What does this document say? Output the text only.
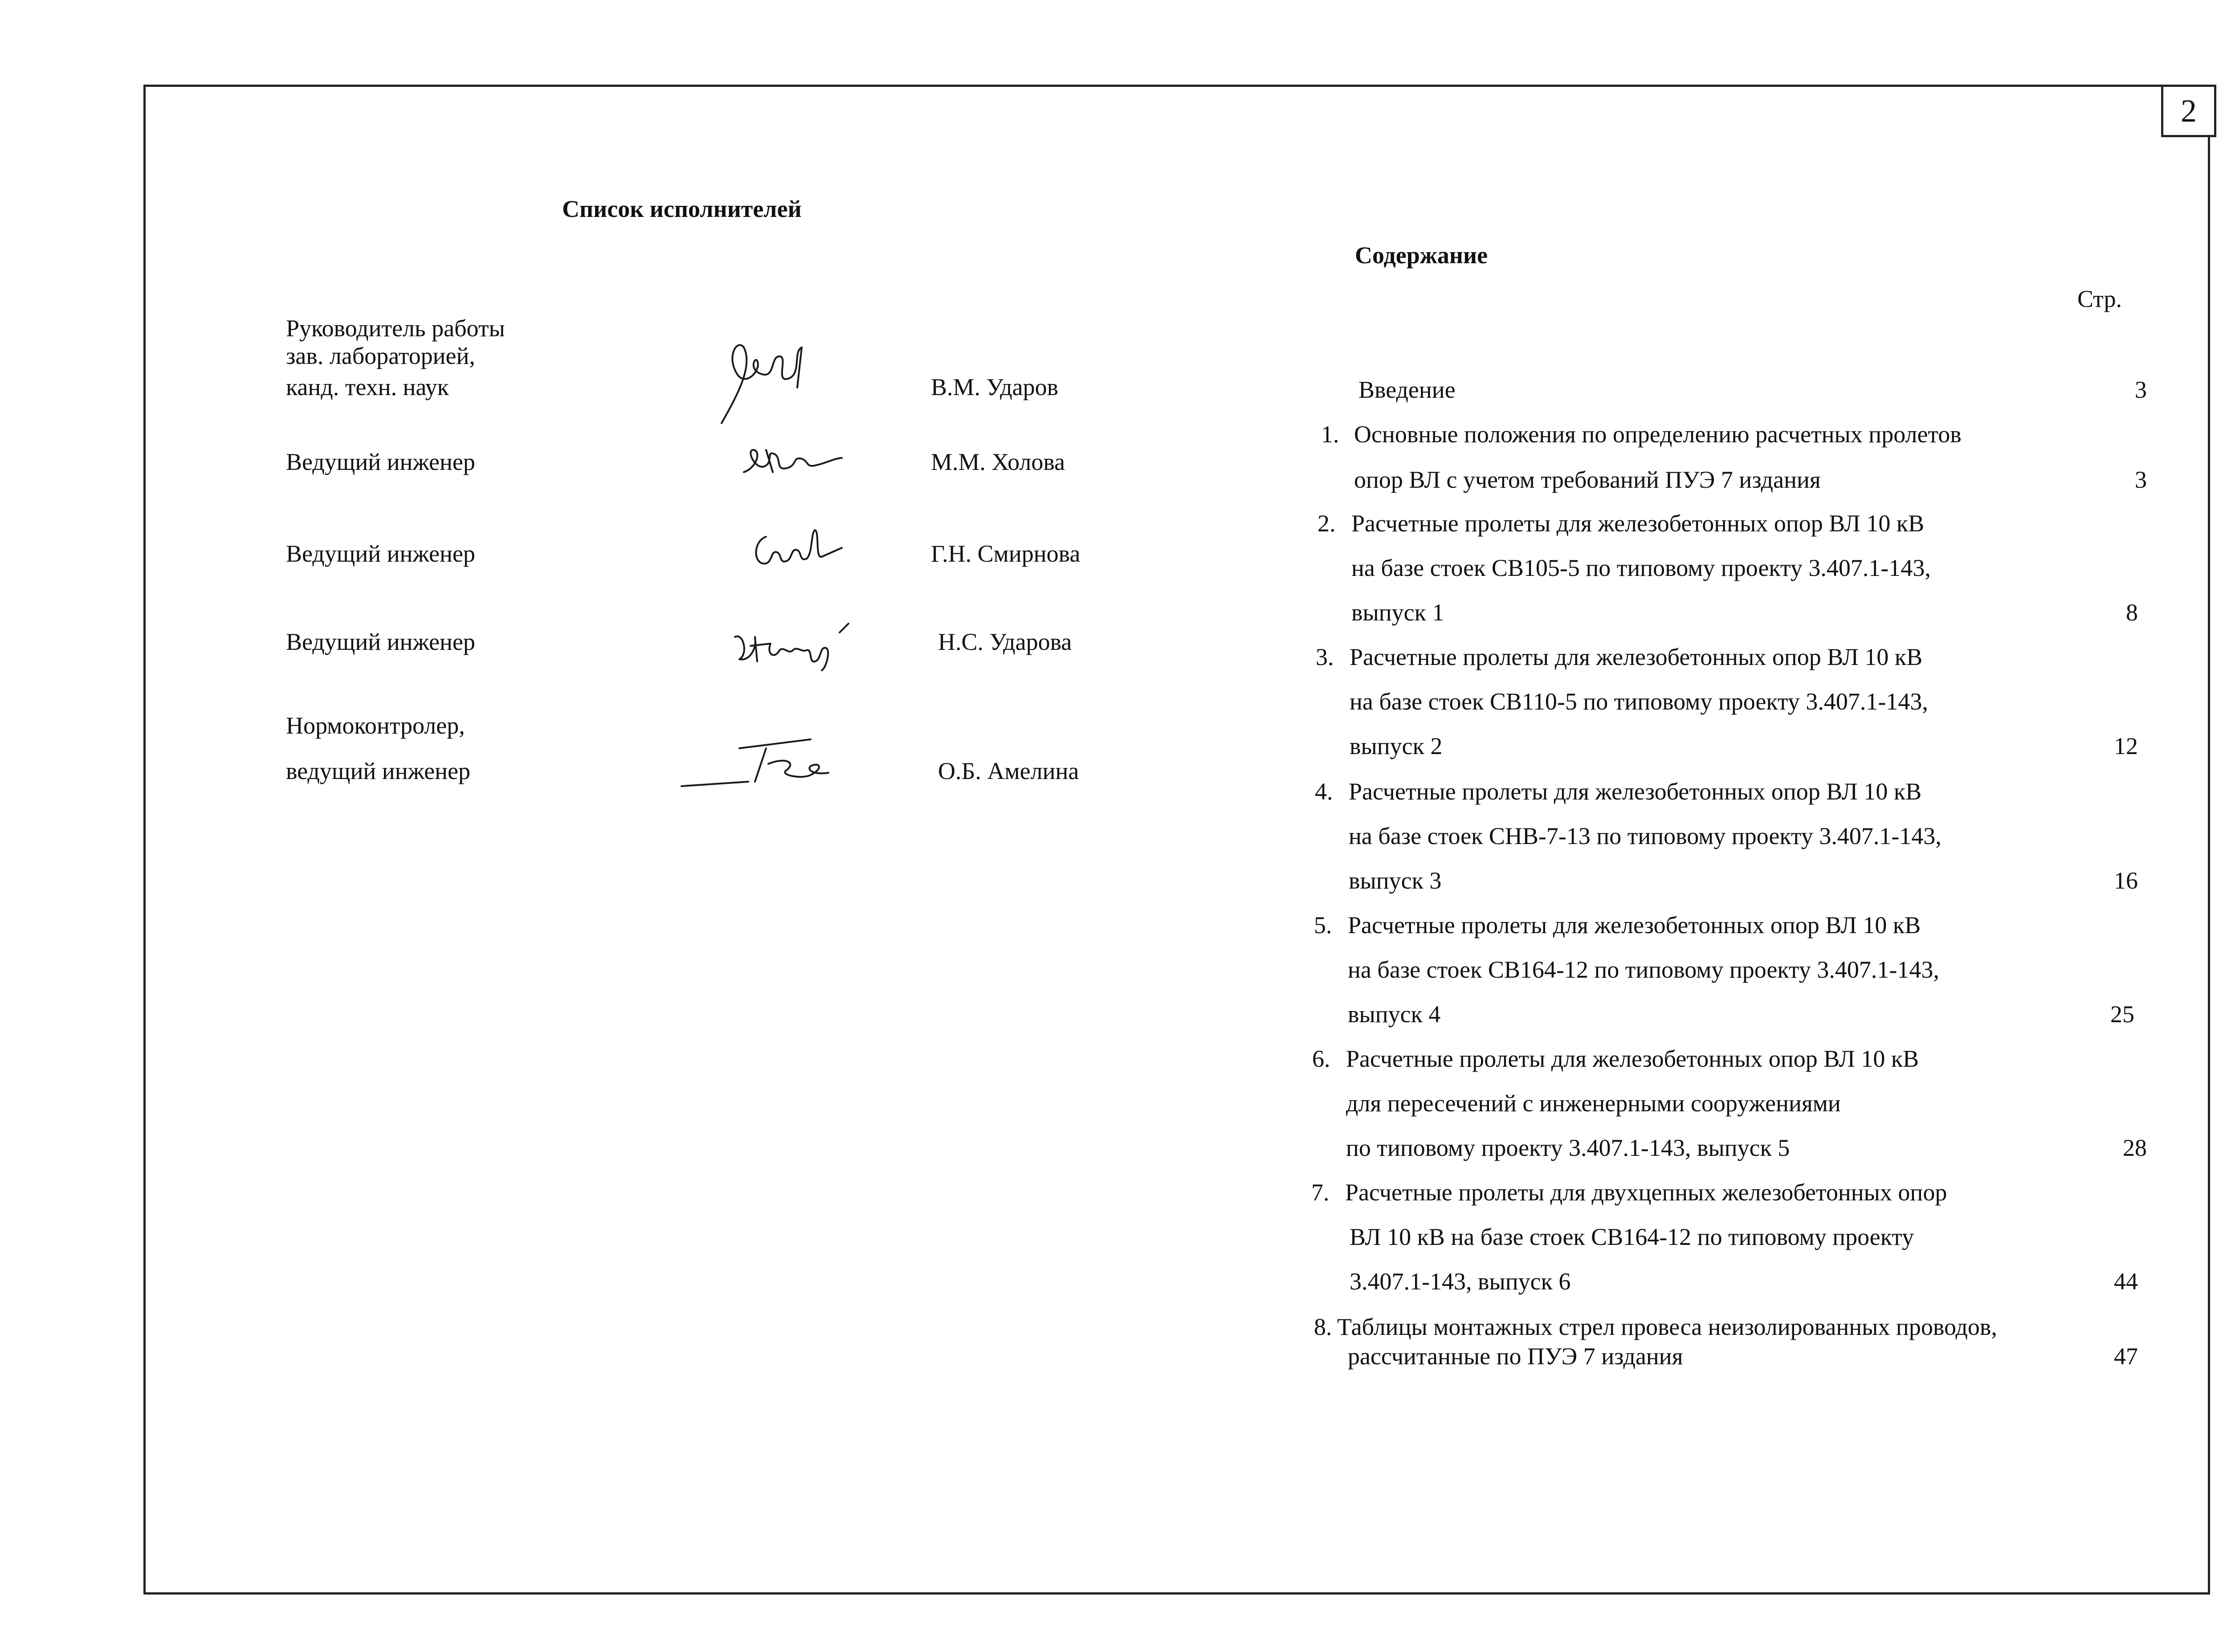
2
Список исполнителей
Руководитель работы
зав. лабораторией,
канд. техн. наук	В.М. Ударов
Ведущий инженер	М.М. Холова
Ведущий инженер	Г.Н. Смирнова
Ведущий инженер	Н.С. Ударова
Нормоконтролер,
ведущий инженер	О.Б. Амелина
Содержание
Стр.
Введение	3
1. Основные положения по определению расчетных пролетов
опор ВЛ с учетом требований ПУЭ 7 издания	3
2. Расчетные пролеты для железобетонных опор ВЛ 10 кВ
на базе стоек СВ105-5 по типовому проекту 3.407.1-143,
выпуск 1	8
3. Расчетные пролеты для железобетонных опор ВЛ 10 кВ
на базе стоек СВ110-5 по типовому проекту 3.407.1-143,
выпуск 2	12
4. Расчетные пролеты для железобетонных опор ВЛ 10 кВ
на базе стоек СНВ-7-13 по типовому проекту 3.407.1-143,
выпуск 3	16
5. Расчетные пролеты для железобетонных опор ВЛ 10 кВ
на базе стоек СВ164-12 по типовому проекту 3.407.1-143,
выпуск 4	25
6. Расчетные пролеты для железобетонных опор ВЛ 10 кВ
для пересечений с инженерными сооружениями
по типовому проекту 3.407.1-143, выпуск 5	28
7. Расчетные пролеты для двухцепных железобетонных опор
ВЛ 10 кВ на базе стоек СВ164-12 по типовому проекту
3.407.1-143, выпуск 6	44
8. Таблицы монтажных стрел провеса неизолированных проводов,
рассчитанные по ПУЭ 7 издания	47
